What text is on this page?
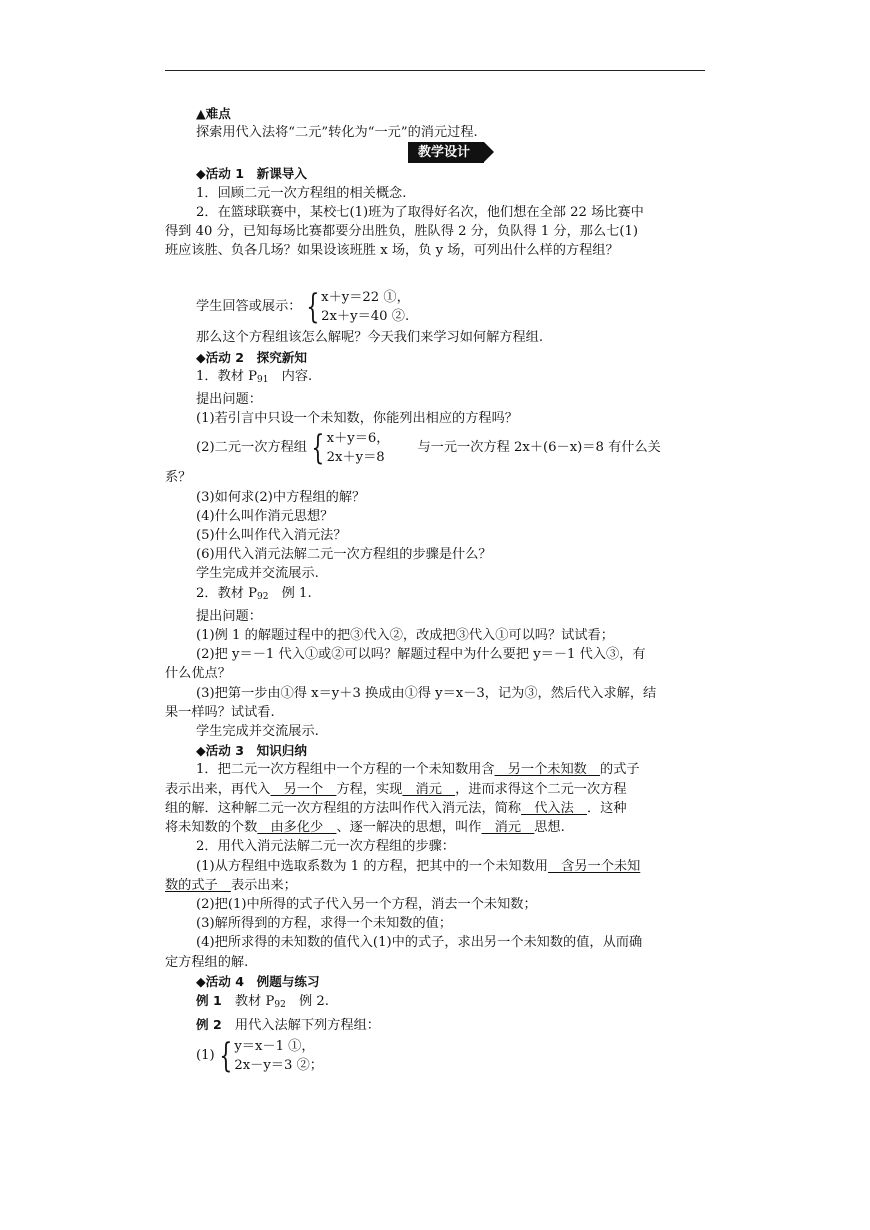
▲难点

探索用代入法将“二元”转化为“一元”的消元过程.

教学设计

◆活动 1　新课导入

1．回顾二元一次方程组的相关概念.

2．在篮球联赛中，某校七(1)班为了取得好名次，他们想在全部 22 场比赛中

得到 40 分，已知每场比赛都要分出胜负，胜队得 2 分，负队得 1 分，那么七(1)

班应该胜、负各几场？如果设该班胜 x 场，负 y 场，可列出什么样的方程组？

学生回答或展示： { x＋y＝22 ①，
2x＋y＝40 ②.

那么这个方程组该怎么解呢？今天我们来学习如何解方程组.

◆活动 2　探究新知

1．教材 $P_{91}$　内容.

提出问题：

(1)若引言中只设一个未知数，你能列出相应的方程吗？

(2)二元一次方程组 { x＋y＝6，
2x＋y＝8
与一元一次方程 2x＋(6－x)＝8 有什么关

系？

(3)如何求(2)中方程组的解？

(4)什么叫作消元思想？

(5)什么叫作代入消元法？

(6)用代入消元法解二元一次方程组的步骤是什么？

学生完成并交流展示.

2．教材 $P_{92}$　例 1.

提出问题：

(1)例 1 的解题过程中的把③代入②，改成把③代入①可以吗？试试看；

(2)把 y＝－1 代入①或②可以吗？解题过程中为什么要把 y＝－1 代入③，有

什么优点？

(3)把第一步由①得 x＝y＋3 换成由①得 y＝x－3，记为③，然后代入求解，结

果一样吗？试试看.

学生完成并交流展示.

◆活动 3　知识归纳

1．把二元一次方程组中一个方程的一个未知数用含　另一个未知数　的式子

表示出来，再代入　另一个　方程，实现　消元　，进而求得这个二元一次方程

组的解．这种解二元一次方程组的方法叫作代入消元法，简称　代入法　．这种

将未知数的个数　由多化少　、逐一解决的思想，叫作　消元　思想.

2．用代入消元法解二元一次方程组的步骤：

(1)从方程组中选取系数为 1 的方程，把其中的一个未知数用　含另一个未知

数的式子　表示出来；

(2)把(1)中所得的式子代入另一个方程，消去一个未知数；

(3)解所得到的方程，求得一个未知数的值；

(4)把所求得的未知数的值代入(1)中的式子，求出另一个未知数的值，从而确

定方程组的解.

◆活动 4　例题与练习

例 1　教材 $P_{92}$　例 2.

例 2　用代入法解下列方程组：

(1) { y＝x－1 ①，
2x－y＝3 ②；
